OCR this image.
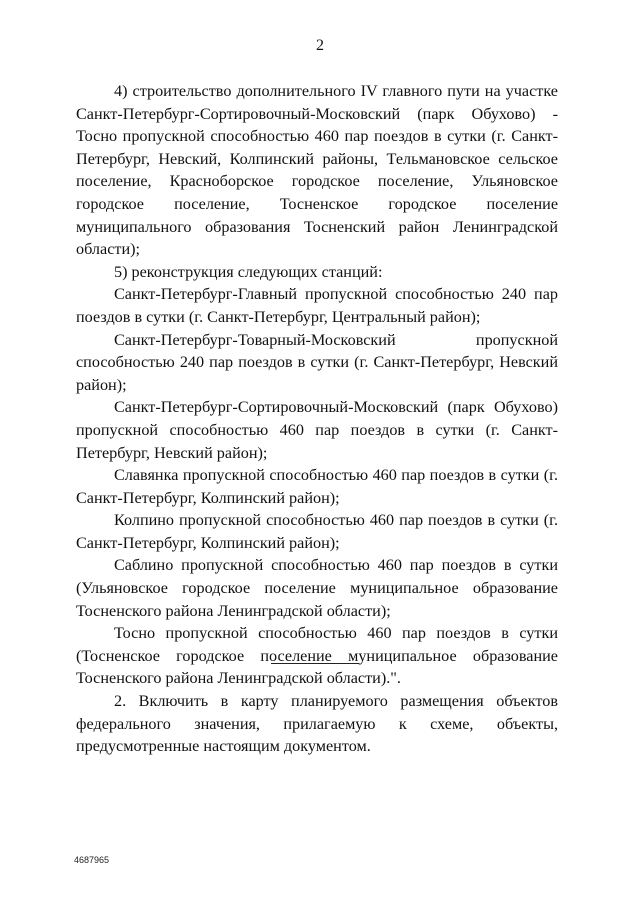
2

4) строительство дополнительного IV главного пути на участке Санкт-Петербург-Сортировочный-Московский (парк Обухово) - Тосно пропускной способностью 460 пар поездов в сутки (г. Санкт-Петербург, Невский, Колпинский районы, Тельмановское сельское поселение, Красноборское городское поселение, Ульяновское городское поселение, Тосненское городское поселение муниципального образования Тосненский район Ленинградской области);

5) реконструкция следующих станций:

Санкт-Петербург-Главный пропускной способностью 240 пар поездов в сутки (г. Санкт-Петербург, Центральный район);

Санкт-Петербург-Товарный-Московский пропускной способностью 240 пар поездов в сутки (г. Санкт-Петербург, Невский район);

Санкт-Петербург-Сортировочный-Московский (парк Обухово) пропускной способностью 460 пар поездов в сутки (г. Санкт-Петербург, Невский район);

Славянка пропускной способностью 460 пар поездов в сутки (г. Санкт-Петербург, Колпинский район);

Колпино пропускной способностью 460 пар поездов в сутки (г. Санкт-Петербург, Колпинский район);

Саблино пропускной способностью 460 пар поездов в сутки (Ульяновское городское поселение муниципальное образование Тосненского района Ленинградской области);

Тосно пропускной способностью 460 пар поездов в сутки (Тосненское городское поселение муниципальное образование Тосненского района Ленинградской области).".

2. Включить в карту планируемого размещения объектов федерального значения, прилагаемую к схеме, объекты, предусмотренные настоящим документом.

4687965
